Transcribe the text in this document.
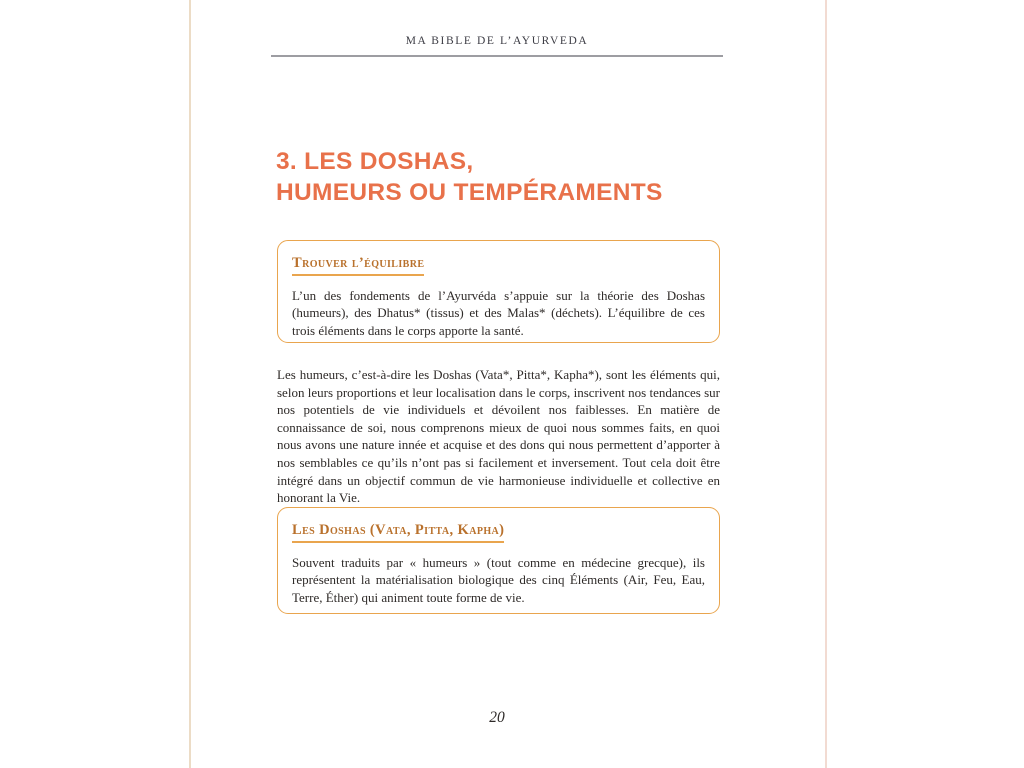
MA BIBLE DE L’AYURVEDA
3. LES DOSHAS,
HUMEURS OU TEMPÉRAMENTS
Trouver l’équilibre

L’un des fondements de l’Ayurvéda s’appuie sur la théorie des Doshas (humeurs), des Dhatus* (tissus) et des Malas* (déchets). L’équilibre de ces trois éléments dans le corps apporte la santé.

Les humeurs, c’est-à-dire les Doshas (Vata*, Pitta*, Kapha*), sont les éléments qui, selon leurs proportions et leur localisation dans le corps, inscrivent nos tendances sur nos potentiels de vie individuels et dévoilent nos faiblesses. En matière de connaissance de soi, nous comprenons mieux de quoi nous sommes faits, en quoi nous avons une nature innée et acquise et des dons qui nous permettent d’apporter à nos semblables ce qu’ils n’ont pas si facilement et inversement. Tout cela doit être intégré dans un objectif commun de vie harmonieuse individuelle et collective en honorant la Vie.

Les Doshas (Vata, Pitta, Kapha)

Souvent traduits par « humeurs » (tout comme en médecine grecque), ils représentent la matérialisation biologique des cinq Éléments (Air, Feu, Eau, Terre, Éther) qui animent toute forme de vie.

20
